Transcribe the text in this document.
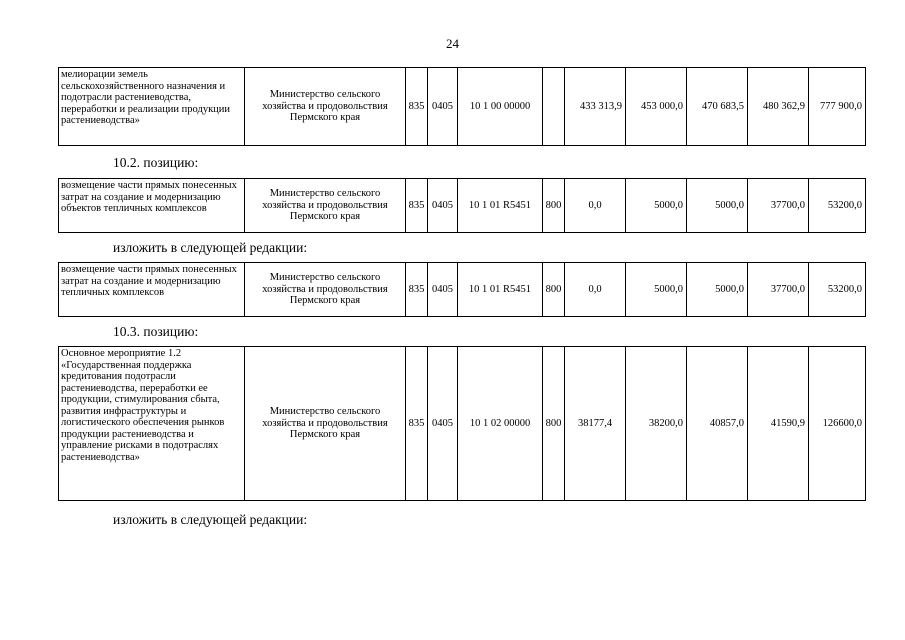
24
мелиорации земель сельскохозяйственного назначения и подотрасли растениеводства, переработки и реализации продукции растениеводства»	Министерство сельского хозяйства и продовольствия Пермского края	835	0405	10 1 00 00000		433 313,9	453 000,0	470 683,5	480 362,9	777 900,0
10.2. позицию:
возмещение части прямых понесенных затрат на создание и модернизацию объектов тепличных комплексов	Министерство сельского хозяйства и продовольствия Пермского края	835	0405	10 1 01 R5451	800	0,0	5000,0	5000,0	37700,0	53200,0
изложить в следующей редакции:
возмещение части прямых понесенных затрат на создание и модернизацию тепличных комплексов	Министерство сельского хозяйства и продовольствия Пермского края	835	0405	10 1 01 R5451	800	0,0	5000,0	5000,0	37700,0	53200,0
10.3. позицию:
Основное мероприятие 1.2 «Государственная поддержка кредитования подотрасли растениеводства, переработки ее продукции, стимулирования сбыта, развития инфраструктуры и логистического обеспечения рынков продукции растениеводства и управление рисками в подотраслях растениеводства»	Министерство сельского хозяйства и продовольствия Пермского края	835	0405	10 1 02 00000	800	38177,4	38200,0	40857,0	41590,9	126600,0
изложить в следующей редакции:
